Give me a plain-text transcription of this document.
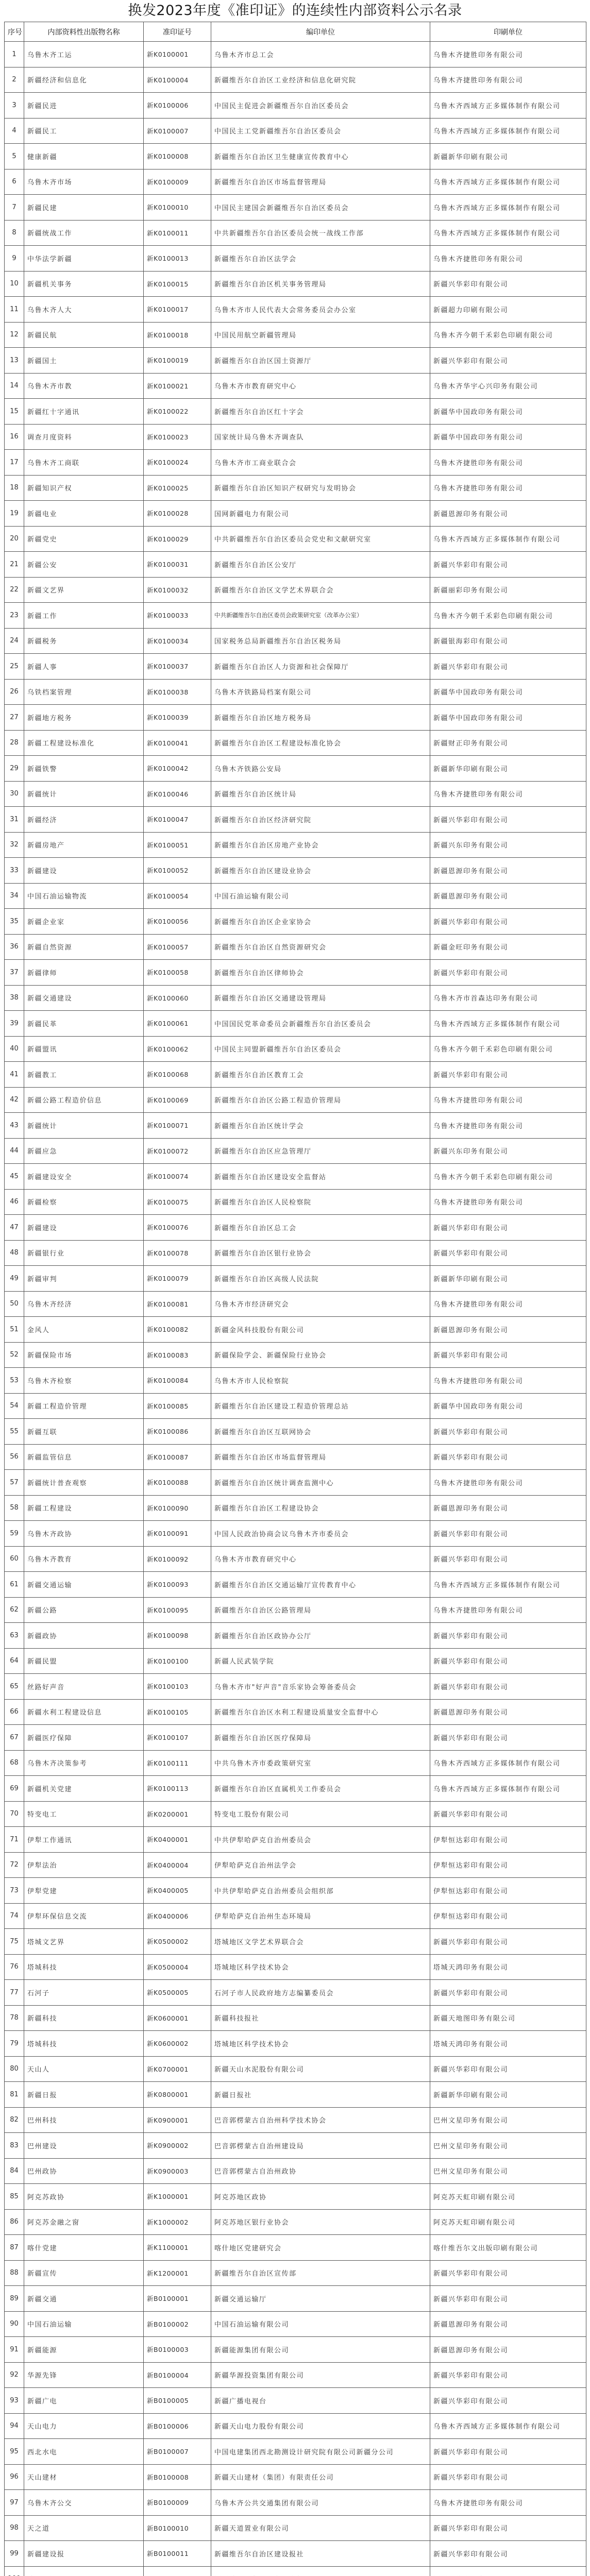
换发2023年度《准印证》的连续性内部资料公示名录
序号	内部资料性出版物名称	准印证号	编印单位	印刷单位
1	乌鲁木齐工运	新K0100001	乌鲁木齐市总工会	乌鲁木齐捷胜印务有限公司
2	新疆经济和信息化	新K0100004	新疆维吾尔自治区工业经济和信息化研究院	乌鲁木齐捷胜印务有限公司
3	新疆民进	新K0100006	中国民主促进会新疆维吾尔自治区委员会	乌鲁木齐西域方正多媒体制作有限公司
4	新疆民工	新K0100007	中国民主工党新疆维吾尔自治区委员会	乌鲁木齐西域方正多媒体制作有限公司
5	健康新疆	新K0100008	新疆维吾尔自治区卫生健康宣传教育中心	新疆新华印刷有限公司
6	乌鲁木齐市场	新K0100009	新疆维吾尔自治区市场监督管理局	乌鲁木齐西域方正多媒体制作有限公司
7	新疆民建	新K0100010	中国民主建国会新疆维吾尔自治区委员会	乌鲁木齐西域方正多媒体制作有限公司
8	新疆统战工作	新K0100011	中共新疆维吾尔自治区委员会统一战线工作部	乌鲁木齐西域方正多媒体制作有限公司
9	中华法学新疆	新K0100013	新疆维吾尔自治区法学会	乌鲁木齐捷胜印务有限公司
10	新疆机关事务	新K0100015	新疆维吾尔自治区机关事务管理局	新疆兴华彩印有限公司
11	乌鲁木齐人大	新K0100017	乌鲁木齐市人民代表大会常务委员会办公室	新疆超力印刷有限公司
12	新疆民航	新K0100018	中国民用航空新疆管理局	乌鲁木齐今朝千禾彩色印刷有限公司
13	新疆国土	新K0100019	新疆维吾尔自治区国土资源厅	新疆兴华彩印有限公司
14	乌鲁木齐市教	新K0100021	乌鲁木齐市教育研究中心	乌鲁木齐华宇心兴印务有限公司
15	新疆红十字通讯	新K0100022	新疆维吾尔自治区红十字会	新疆华中国政印务有限公司
16	调查月度资料	新K0100023	国家统计局乌鲁木齐调查队	新疆华中国政印务有限公司
17	乌鲁木齐工商联	新K0100024	乌鲁木齐市工商业联合会	乌鲁木齐捷胜印务有限公司
18	新疆知识产权	新K0100025	新疆维吾尔自治区知识产权研究与发明协会	乌鲁木齐捷胜印务有限公司
19	新疆电业	新K0100028	国网新疆电力有限公司	新疆恩源印务有限公司
20	新疆党史	新K0100029	中共新疆维吾尔自治区委员会党史和文献研究室	乌鲁木齐西域方正多媒体制作有限公司
21	新疆公安	新K0100031	新疆维吾尔自治区公安厅	新疆兴华彩印有限公司
22	新疆文艺界	新K0100032	新疆维吾尔自治区文学艺术界联合会	新疆丽彩印务有限公司
23	新疆工作	新K0100033	中共新疆维吾尔自治区委员会政策研究室（改革办公室）	乌鲁木齐今朝千禾彩色印刷有限公司
24	新疆税务	新K0100034	国家税务总局新疆维吾尔自治区税务局	新疆银海彩印有限公司
25	新疆人事	新K0100037	新疆维吾尔自治区人力资源和社会保障厅	新疆兴华彩印有限公司
26	乌铁档案管理	新K0100038	乌鲁木齐铁路局档案有限公司	新疆华中国政印务有限公司
27	新疆地方税务	新K0100039	新疆维吾尔自治区地方税务局	新疆华中国政印务有限公司
28	新疆工程建设标准化	新K0100041	新疆维吾尔自治区工程建设标准化协会	新疆财正印务有限公司
29	新疆铁警	新K0100042	乌鲁木齐铁路公安局	新疆新华印刷有限公司
30	新疆统计	新K0100046	新疆维吾尔自治区统计局	乌鲁木齐捷胜印务有限公司
31	新疆经济	新K0100047	新疆维吾尔自治区经济研究院	新疆兴华彩印有限公司
32	新疆房地产	新K0100051	新疆维吾尔自治区房地产业协会	新疆兴东印务有限公司
33	新疆建设	新K0100052	新疆维吾尔自治区建设业协会	新疆恩源印务有限公司
34	中国石油运输物流	新K0100054	中国石油运输有限公司	新疆恩源印务有限公司
35	新疆企业家	新K0100056	新疆维吾尔自治区企业家协会	新疆兴华彩印有限公司
36	新疆自然资源	新K0100057	新疆维吾尔自治区自然资源研究会	新疆金旺印务有限公司
37	新疆律师	新K0100058	新疆维吾尔自治区律师协会	新疆兴华彩印有限公司
38	新疆交通建设	新K0100060	新疆维吾尔自治区交通建设管理局	乌鲁木齐市首森达印务有限公司
39	新疆民革	新K0100061	中国国民党革命委员会新疆维吾尔自治区委员会	乌鲁木齐西域方正多媒体制作有限公司
40	新疆盟讯	新K0100062	中国民主同盟新疆维吾尔自治区委员会	乌鲁木齐今朝千禾彩色印刷有限公司
41	新疆教工	新K0100068	新疆维吾尔自治区教育工会	新疆兴华彩印有限公司
42	新疆公路工程造价信息	新K0100069	新疆维吾尔自治区公路工程造价管理局	乌鲁木齐捷胜印务有限公司
43	新疆统计	新K0100071	新疆维吾尔自治区统计学会	乌鲁木齐捷胜印务有限公司
44	新疆应急	新K0100072	新疆维吾尔自治区应急管理厅	新疆兴东印务有限公司
45	新疆建设安全	新K0100074	新疆维吾尔自治区建设安全监督站	乌鲁木齐今朝千禾彩色印刷有限公司
46	新疆检察	新K0100075	新疆维吾尔自治区人民检察院	乌鲁木齐捷胜印务有限公司
47	新疆建设	新K0100076	新疆维吾尔自治区总工会	新疆兴华彩印有限公司
48	新疆银行业	新K0100078	新疆维吾尔自治区银行业协会	新疆兴华彩印有限公司
49	新疆审判	新K0100079	新疆维吾尔自治区高级人民法院	新疆新华印刷有限公司
50	乌鲁木齐经济	新K0100081	乌鲁木齐市经济研究会	乌鲁木齐捷胜印务有限公司
51	金风人	新K0100082	新疆金风科技股份有限公司	新疆恩源印务有限公司
52	新疆保险市场	新K0100083	新疆保险学会、新疆保险行业协会	新疆兴华彩印有限公司
53	乌鲁木齐检察	新K0100084	乌鲁木齐市人民检察院	乌鲁木齐捷胜印务有限公司
54	新疆工程造价管理	新K0100085	新疆维吾尔自治区建设工程造价管理总站	新疆华中国政印务有限公司
55	新疆互联	新K0100086	新疆维吾尔自治区互联网协会	新疆兴华彩印有限公司
56	新疆监管信息	新K0100087	新疆维吾尔自治区市场监督管理局	新疆兴华彩印有限公司
57	新疆统计普查观察	新K0100088	新疆维吾尔自治区统计调查监测中心	乌鲁木齐捷胜印务有限公司
58	新疆工程建设	新K0100090	新疆维吾尔自治区工程建设协会	新疆恩源印务有限公司
59	乌鲁木齐政协	新K0100091	中国人民政治协商会议乌鲁木齐市委员会	新疆兴华彩印有限公司
60	乌鲁木齐教育	新K0100092	乌鲁木齐市教育研究中心	新疆兴华彩印有限公司
61	新疆交通运输	新K0100093	新疆维吾尔自治区交通运输厅宣传教育中心	乌鲁木齐西域方正多媒体制作有限公司
62	新疆公路	新K0100095	新疆维吾尔自治区公路管理局	乌鲁木齐捷胜印务有限公司
63	新疆政协	新K0100098	新疆维吾尔自治区政协办公厅	新疆兴华彩印有限公司
64	新疆民盟	新K0100100	新疆人民武装学院	新疆兴华彩印有限公司
65	丝路好声音	新K0100103	乌鲁木齐市"好声音"音乐家协会筹备委员会	新疆兴华彩印有限公司
66	新疆水利工程建设信息	新K0100105	新疆维吾尔自治区水利工程建设质量安全监督中心	新疆恩源印务有限公司
67	新疆医疗保障	新K0100107	新疆维吾尔自治区医疗保障局	新疆兴华彩印有限公司
68	乌鲁木齐决策参考	新K0100111	中共乌鲁木齐市委政策研究室	乌鲁木齐西域方正多媒体制作有限公司
69	新疆机关党建	新K0100113	新疆维吾尔自治区直属机关工作委员会	乌鲁木齐西域方正多媒体制作有限公司
70	特变电工	新K0200001	特变电工股份有限公司	新疆兴华彩印有限公司
71	伊犁工作通讯	新K0400001	中共伊犁哈萨克自治州委员会	伊犁恒达彩印有限公司
72	伊犁法治	新K0400004	伊犁哈萨克自治州法学会	伊犁恒达彩印有限公司
73	伊犁党建	新K0400005	中共伊犁哈萨克自治州委员会组织部	伊犁恒达彩印有限公司
74	伊犁环保信息交流	新K0400006	伊犁哈萨克自治州生态环境局	伊犁恒达彩印有限公司
75	塔城文艺界	新K0500002	塔城地区文学艺术界联合会	新疆兴华彩印有限公司
76	塔城科技	新K0500004	塔城地区科学技术协会	塔城天鸿印务有限公司
77	石河子	新K0500005	石河子市人民政府地方志编纂委员会	新疆兴华彩印有限公司
78	新疆科技	新K0600001	新疆科技报社	新疆天地图印务有限公司
79	塔城科技	新K0600002	塔城地区科学技术协会	塔城天鸿印务有限公司
80	天山人	新K0700001	新疆天山水泥股份有限公司	新疆兴华彩印有限公司
81	新疆日报	新K0800001	新疆日报社	新疆新华印刷有限公司
82	巴州科技	新K0900001	巴音郭楞蒙古自治州科学技术协会	巴州文星印务有限公司
83	巴州建设	新K0900002	巴音郭楞蒙古自治州建设局	巴州文星印务有限公司
84	巴州政协	新K0900003	巴音郭楞蒙古自治州政协	巴州文星印务有限公司
85	阿克苏政协	新K1000001	阿克苏地区政协	阿克苏天虹印刷有限公司
86	阿克苏金融之窗	新K1000002	阿克苏地区银行业协会	阿克苏天虹印刷有限公司
87	喀什党建	新K1100001	喀什地区党建研究会	喀什维吾尔文出版印刷有限公司
88	新疆宣传	新K1200001	新疆维吾尔自治区宣传部	新疆兴华彩印有限公司
89	新疆交通	新B0100001	新疆交通运输厅	新疆兴华彩印有限公司
90	中国石油运输	新B0100002	中国石油运输有限公司	新疆恩源印务有限公司
91	新疆能源	新B0100003	新疆能源集团有限公司	新疆恩源印务有限公司
92	华源先锋	新B0100004	新疆华源投资集团有限公司	新疆兴华彩印有限公司
93	新疆广电	新B0100005	新疆广播电视台	新疆兴华彩印有限公司
94	天山电力	新B0100006	新疆天山电力股份有限公司	乌鲁木齐西域方正多媒体制作有限公司
95	西北水电	新B0100007	中国电建集团西北勘测设计研究院有限公司新疆分公司	新疆兴华彩印有限公司
96	天山建材	新B0100008	新疆天山建材（集团）有限责任公司	新疆兴华彩印有限公司
97	乌鲁木齐公交	新B0100009	乌鲁木齐公共交通集团有限公司	乌鲁木齐捷胜印务有限公司
98	天之道	新B0100010	新疆天道置业有限公司	新疆兴华彩印有限公司
99	新疆建设报	新B0100011	新疆维吾尔自治区建设报社	新疆兴华彩印有限公司
